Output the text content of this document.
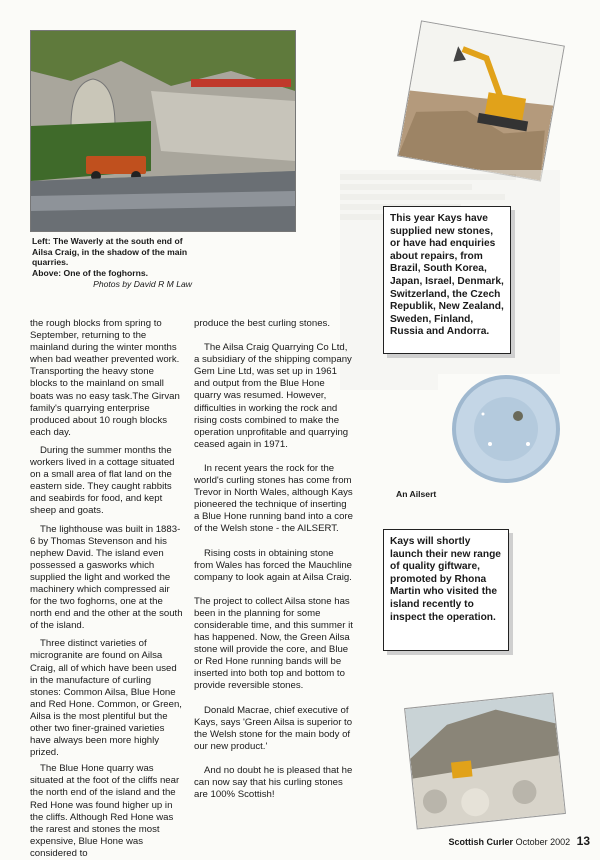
Left: The Waverly at the south end of Ailsa Craig, in the shadow of the main quarries.
Above: One of the foghorns.
Photos by David R M Law
This year Kays have supplied new stones, or have had enquiries about repairs, from Brazil, South Korea, Japan, Israel, Denmark, Switzerland, the Czech Republik, New Zealand, Sweden, Finland, Russia and Andorra.
An Ailsert
Kays will shortly launch their new range of quality giftware, promoted by Rhona Martin who visited the island recently to inspect the operation.

the rough blocks from spring to September, returning to the mainland during the winter months when bad weather prevented work. Transporting the heavy stone blocks to the mainland on small boats was no easy task.The Girvan family's quarrying enterprise produced about 10 rough blocks each day.

During the summer months the workers lived in a cottage situated on a small area of flat land on the eastern side. They caught rabbits and seabirds for food, and kept sheep and goats.

The lighthouse was built in 1883-6 by Thomas Stevenson and his nephew David. The island even possessed a gasworks which supplied the light and worked the machinery which compressed air for the two foghorns, one at the north end and the other at the south of the island.

Three distinct varieties of microgranite are found on Ailsa Craig, all of which have been used in the manufacture of curling stones: Common Ailsa, Blue Hone and Red Hone. Common, or Green, Ailsa is the most plentiful but the other two finer-grained varieties have always been more highly prized.

The Blue Hone quarry was situated at the foot of the cliffs near the north end of the island and the Red Hone was found higher up in the cliffs. Although Red Hone was the rarest and stones the most expensive, Blue Hone was considered to

produce the best curling stones.

The Ailsa Craig Quarrying Co Ltd, a subsidiary of the shipping company Gem Line Ltd, was set up in 1961 and output from the Blue Hone quarry was resumed. However, difficulties in working the rock and rising costs combined to make the operation unprofitable and quarrying ceased again in 1971.

In recent years the rock for the world's curling stones has come from Trevor in North Wales, although Kays pioneered the technique of inserting a Blue Hone running band into a core of the Welsh stone - the AILSERT.

Rising costs in obtaining stone from Wales has forced the Mauchline company to look again at Ailsa Craig.

The project to collect Ailsa stone has been in the planning for some considerable time, and this summer it has happened. Now, the Green Ailsa stone will provide the core, and Blue or Red Hone running bands will be inserted into both top and bottom to provide reversible stones.

Donald Macrae, chief executive of Kays, says 'Green Ailsa is superior to the Welsh stone for the main body of our new product.'

And no doubt he is pleased that he can now say that his curling stones are 100% Scottish!

Scottish Curler October 2002 13
